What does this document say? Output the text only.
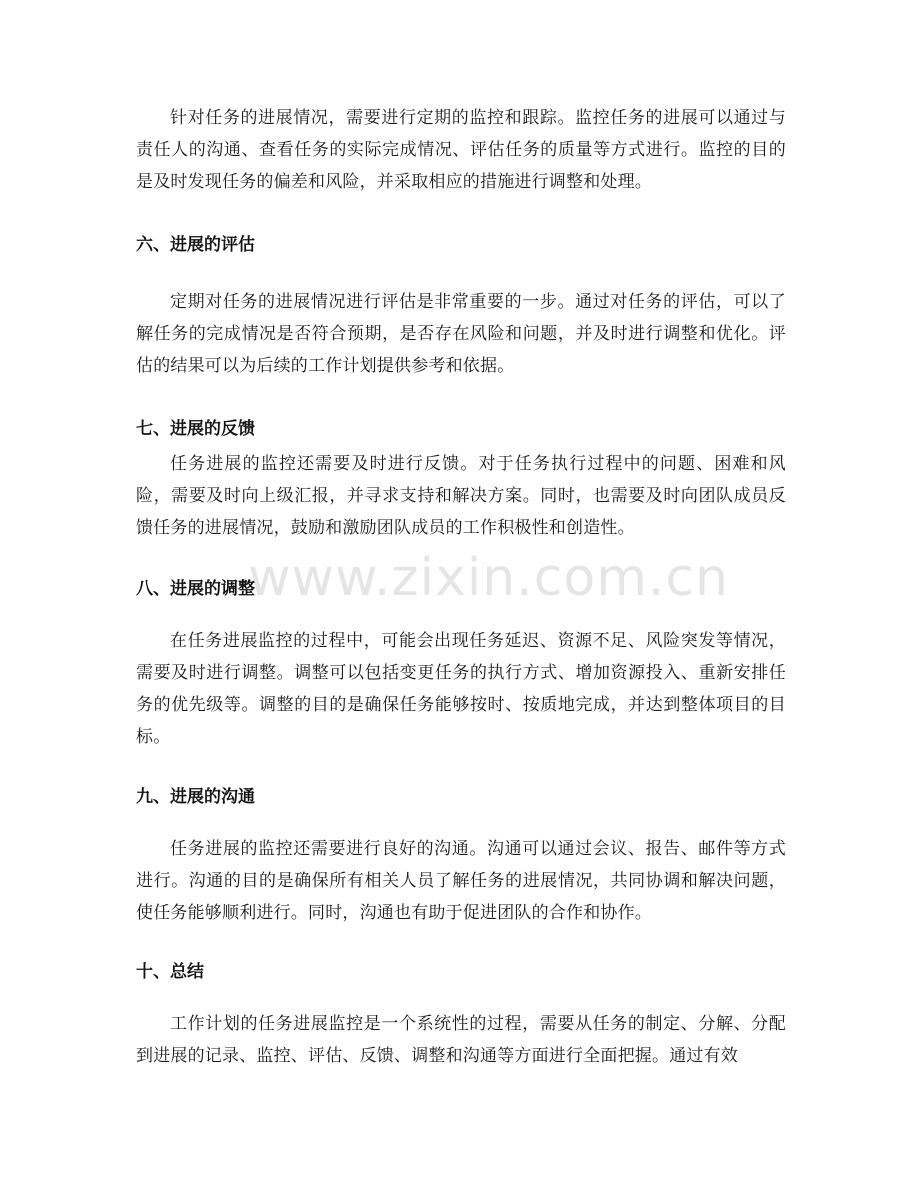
针对任务的进展情况，需要进行定期的监控和跟踪。监控任务的进展可以通过与责任人的沟通、查看任务的实际完成情况、评估任务的质量等方式进行。监控的目的是及时发现任务的偏差和风险，并采取相应的措施进行调整和处理。

六、进展的评估

定期对任务的进展情况进行评估是非常重要的一步。通过对任务的评估，可以了解任务的完成情况是否符合预期，是否存在风险和问题，并及时进行调整和优化。评估的结果可以为后续的工作计划提供参考和依据。

七、进展的反馈

任务进展的监控还需要及时进行反馈。对于任务执行过程中的问题、困难和风险，需要及时向上级汇报，并寻求支持和解决方案。同时，也需要及时向团队成员反馈任务的进展情况，鼓励和激励团队成员的工作积极性和创造性。

八、进展的调整

在任务进展监控的过程中，可能会出现任务延迟、资源不足、风险突发等情况，需要及时进行调整。调整可以包括变更任务的执行方式、增加资源投入、重新安排任务的优先级等。调整的目的是确保任务能够按时、按质地完成，并达到整体项目的目标。

九、进展的沟通

任务进展的监控还需要进行良好的沟通。沟通可以通过会议、报告、邮件等方式进行。沟通的目的是确保所有相关人员了解任务的进展情况，共同协调和解决问题，使任务能够顺利进行。同时，沟通也有助于促进团队的合作和协作。

十、总结

工作计划的任务进展监控是一个系统性的过程，需要从任务的制定、分解、分配到进展的记录、监控、评估、反馈、调整和沟通等方面进行全面把握。通过有效

www.zixin.com.cn
